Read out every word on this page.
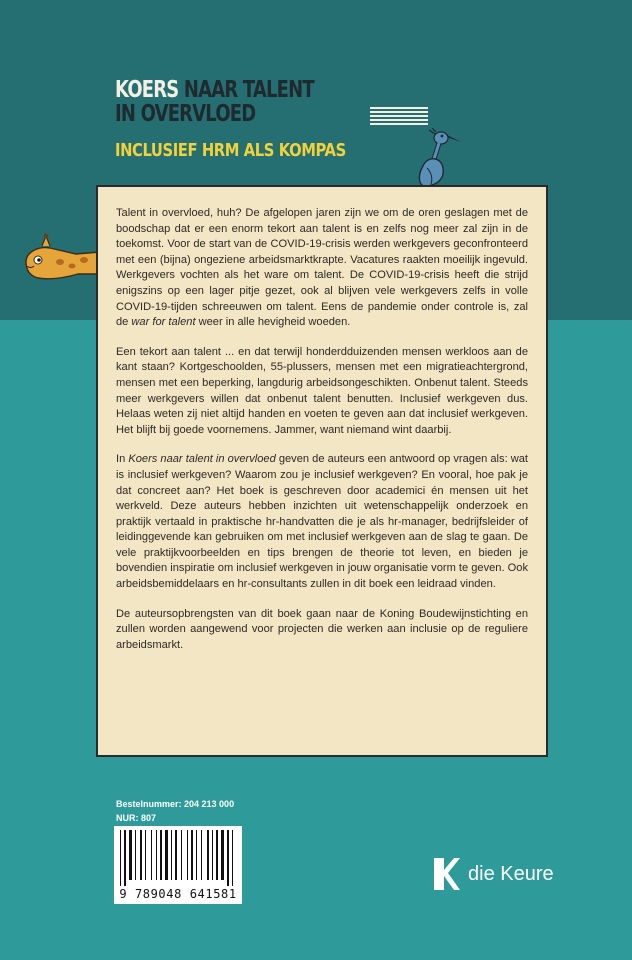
KOERS NAAR TALENT
IN OVERVLOED
INCLUSIEF HRM ALS KOMPAS

Talent in overvloed, huh? De afgelopen jaren zijn we om de oren geslagen met de boodschap dat er een enorm tekort aan talent is en zelfs nog meer zal zijn in de toekomst. Voor de start van de COVID-19-crisis werden werkgevers geconfronteerd met een (bijna) ongeziene arbeidsmarktkrapte. Vacatures raakten moeilijk ingevuld. Werkgevers vochten als het ware om talent. De COVID-19-crisis heeft die strijd enigszins op een lager pitje gezet, ook al blijven vele werkgevers zelfs in volle COVID-19-tijden schreeuwen om talent. Eens de pandemie onder controle is, zal de war for talent weer in alle hevigheid woeden.

Een tekort aan talent ... en dat terwijl honderdduizenden mensen werkloos aan de kant staan? Kortgeschoolden, 55-plussers, mensen met een migratieachtergrond, mensen met een beperking, langdurig arbeidsongeschikten. Onbenut talent. Steeds meer werkgevers willen dat onbenut talent benutten. Inclusief werkgeven dus. Helaas weten zij niet altijd handen en voeten te geven aan dat inclusief werkgeven. Het blijft bij goede voornemens. Jammer, want niemand wint daarbij.

In Koers naar talent in overvloed geven de auteurs een antwoord op vragen als: wat is inclusief werkgeven? Waarom zou je inclusief werkgeven? En vooral, hoe pak je dat concreet aan? Het boek is geschreven door academici én mensen uit het werkveld. Deze auteurs hebben inzichten uit wetenschappelijk onderzoek en praktijk vertaald in praktische hr-handvatten die je als hr-manager, bedrijfsleider of leidinggevende kan gebruiken om met inclusief werkgeven aan de slag te gaan. De vele praktijkvoorbeelden en tips brengen de theorie tot leven, en bieden je bovendien inspiratie om inclusief werkgeven in jouw organisatie vorm te geven. Ook arbeidsbemiddelaars en hr-consultants zullen in dit boek een leidraad vinden.

De auteursopbrengsten van dit boek gaan naar de Koning Boudewijnstichting en zullen worden aangewend voor projecten die werken aan inclusie op de reguliere arbeidsmarkt.

Bestelnummer: 204 213 000
NUR: 807
9 789048 641581
die Keure
